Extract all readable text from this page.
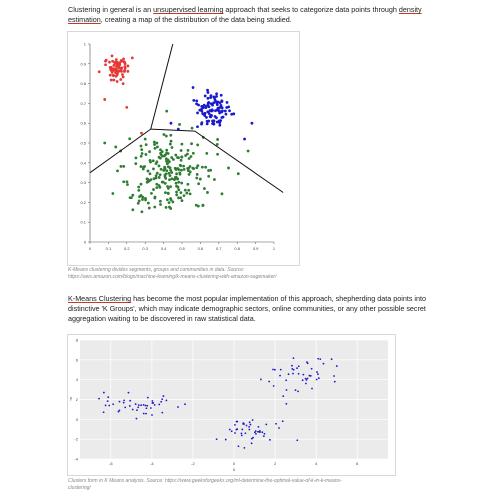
Clustering in general is an unsupervised learning approach that seeks to categorize data points through density estimation, creating a map of the distribution of the data being studied.

0	0.1	0.2	0.3	0.4	0.5	0.6	0.7	0.8	0.9	1
0
0.1
0.2
0.3
0.4
0.5
0.6
0.7
0.8
0.9
1

K-Means clustering divides segments, groups and communities in data. Source:
https://aws.amazon.com/blogs/machine-learning/k-means-clustering-with-amazon-sagemaker/

K-Means Clustering has become the most popular implementation of this approach, shepherding data points into distinctive 'K Groups', which may indicate demographic sectors, online communities, or any other possible secret aggregation waiting to be discovered in raw statistical data.

-6	-4	-2	0	2	4	6
-4
-2
0
2
4
6
8
x
y

Clusters form in K Means analysis. Source: https://www.geeksforgeeks.org/ml-determine-the-optimal-value-of-k-in-k-means-
clustering/
